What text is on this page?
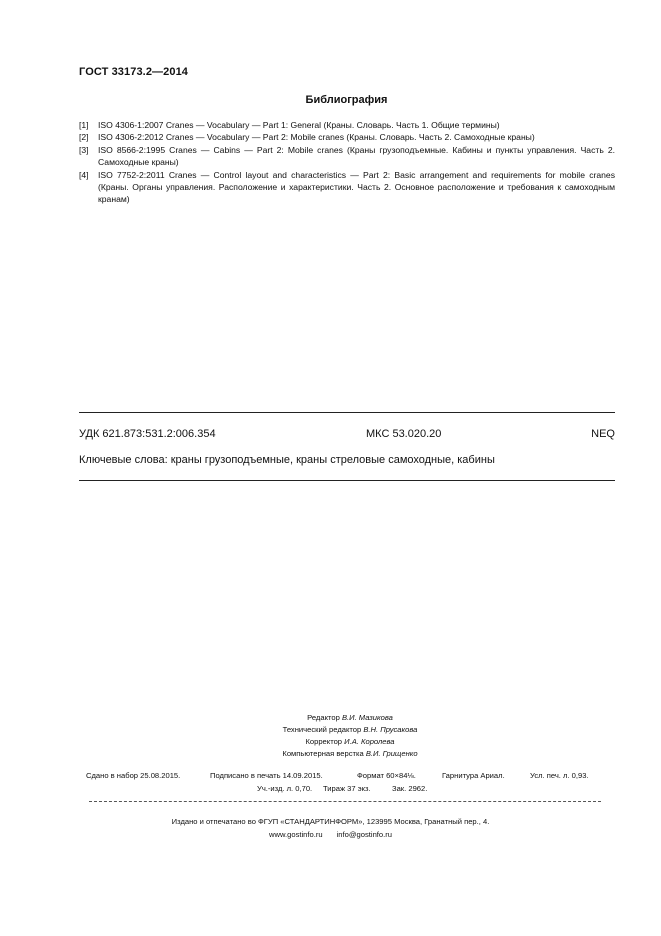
ГОСТ 33173.2—2014
Библиография
[1] ISO 4306-1:2007 Cranes — Vocabulary — Part 1: General (Краны. Словарь. Часть 1. Общие термины)
[2] ISO 4306-2:2012 Cranes — Vocabulary — Part 2: Mobile cranes (Краны. Словарь. Часть 2. Самоходные краны)
[3] ISO 8566-2:1995 Cranes — Cabins — Part 2: Mobile cranes (Краны грузоподъемные. Кабины и пункты управления. Часть 2. Самоходные краны)
[4] ISO 7752-2:2011 Cranes — Control layout and characteristics — Part 2: Basic arrangement and requirements for mobile cranes (Краны. Органы управления. Расположение и характеристики. Часть 2. Основное расположение и требования к самоходным кранам)
УДК 621.873:531.2:006.354	МКС 53.020.20	NEQ
Ключевые слова: краны грузоподъемные, краны стреловые самоходные, кабины
Редактор В.И. Мазикова
Технический редактор В.Н. Прусакова
Корректор И.А. Королева
Компьютерная верстка В.И. Грищенко
Сдано в набор 25.08.2015.	Подписано в печать 14.09.2015.	Формат 60×84⅛.	Гарнитура Ариал.	Усл. печ. л. 0,93.
Уч.-изд. л. 0,70. Тираж 37 экз.	Зак. 2962.
Издано и отпечатано во ФГУП «СТАНДАРТИНФОРМ», 123995 Москва, Гранатный пер., 4.
www.gostinfo.ru info@gostinfo.ru
